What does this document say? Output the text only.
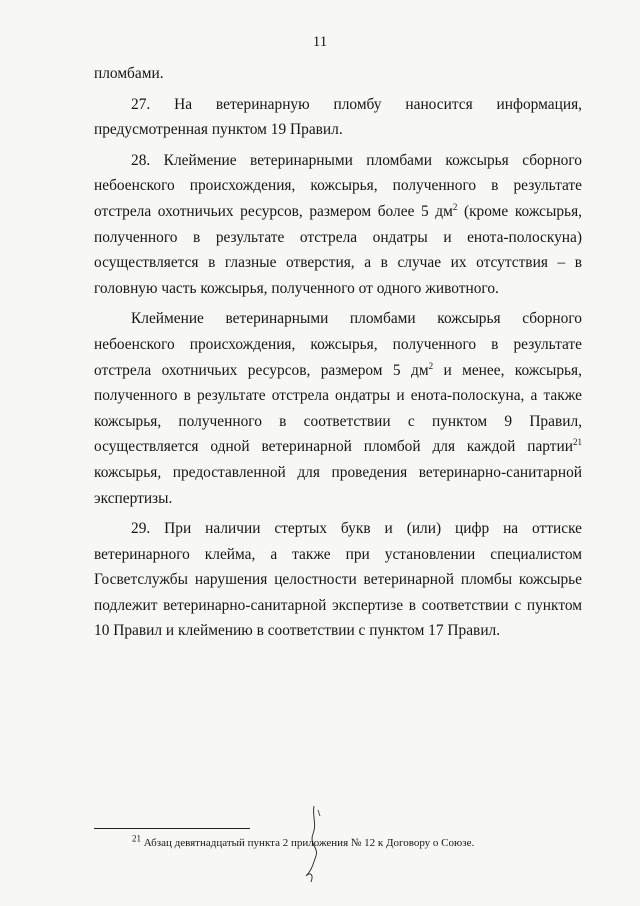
11

пломбами.

27. На ветеринарную пломбу наносится информация, предусмотренная пунктом 19 Правил.

28. Клеймение ветеринарными пломбами кожсырья сборного небоенского происхождения, кожсырья, полученного в результате отстрела охотничьих ресурсов, размером более 5 $дм^2$ (кроме кожсырья, полученного в результате отстрела ондатры и енота-полоскуна) осуществляется в глазные отверстия, а в случае их отсутствия – в головную часть кожсырья, полученного от одного животного.

Клеймение ветеринарными пломбами кожсырья сборного небоенского происхождения, кожсырья, полученного в результате отстрела охотничьих ресурсов, размером 5 $дм^2$ и менее, кожсырья, полученного в результате отстрела ондатры и енота-полоскуна, а также кожсырья, полученного в соответствии с пунктом 9 Правил, осуществляется одной ветеринарной пломбой для каждой партии$^{21}$ кожсырья, предоставленной для проведения ветеринарно-санитарной экспертизы.

29. При наличии стертых букв и (или) цифр на оттиске ветеринарного клейма, а также при установлении специалистом Госветслужбы нарушения целостности ветеринарной пломбы кожсырье подлежит ветеринарно-санитарной экспертизе в соответствии с пунктом 10 Правил и клеймению в соответствии с пунктом 17 Правил.

$^{21}$ Абзац девятнадцатый пункта 2 приложения № 12 к Договору о Союзе.
